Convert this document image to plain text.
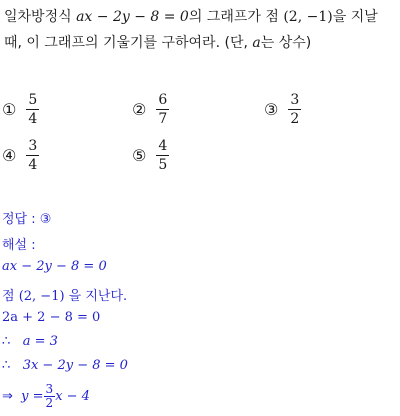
일차방정식 ax − 2y − 8 = 0의 그래프가 점 (2, −1)을 지날 때, 이 그래프의 기울기를 구하여라. (단, a는 상수)
① $\frac{5}{4}$	② $\frac{6}{7}$	③ $\frac{3}{2}$
④ $\frac{3}{4}$	⑤ $\frac{4}{5}$
정답 : ③
해설 :
ax − 2y − 8 = 0
점 (2, −1) 을 지난다.
2a + 2 − 8 = 0
∴ a = 3
∴ 3x − 2y − 8 = 0
⇒
$y = \frac{3}{2}$ x − 4
